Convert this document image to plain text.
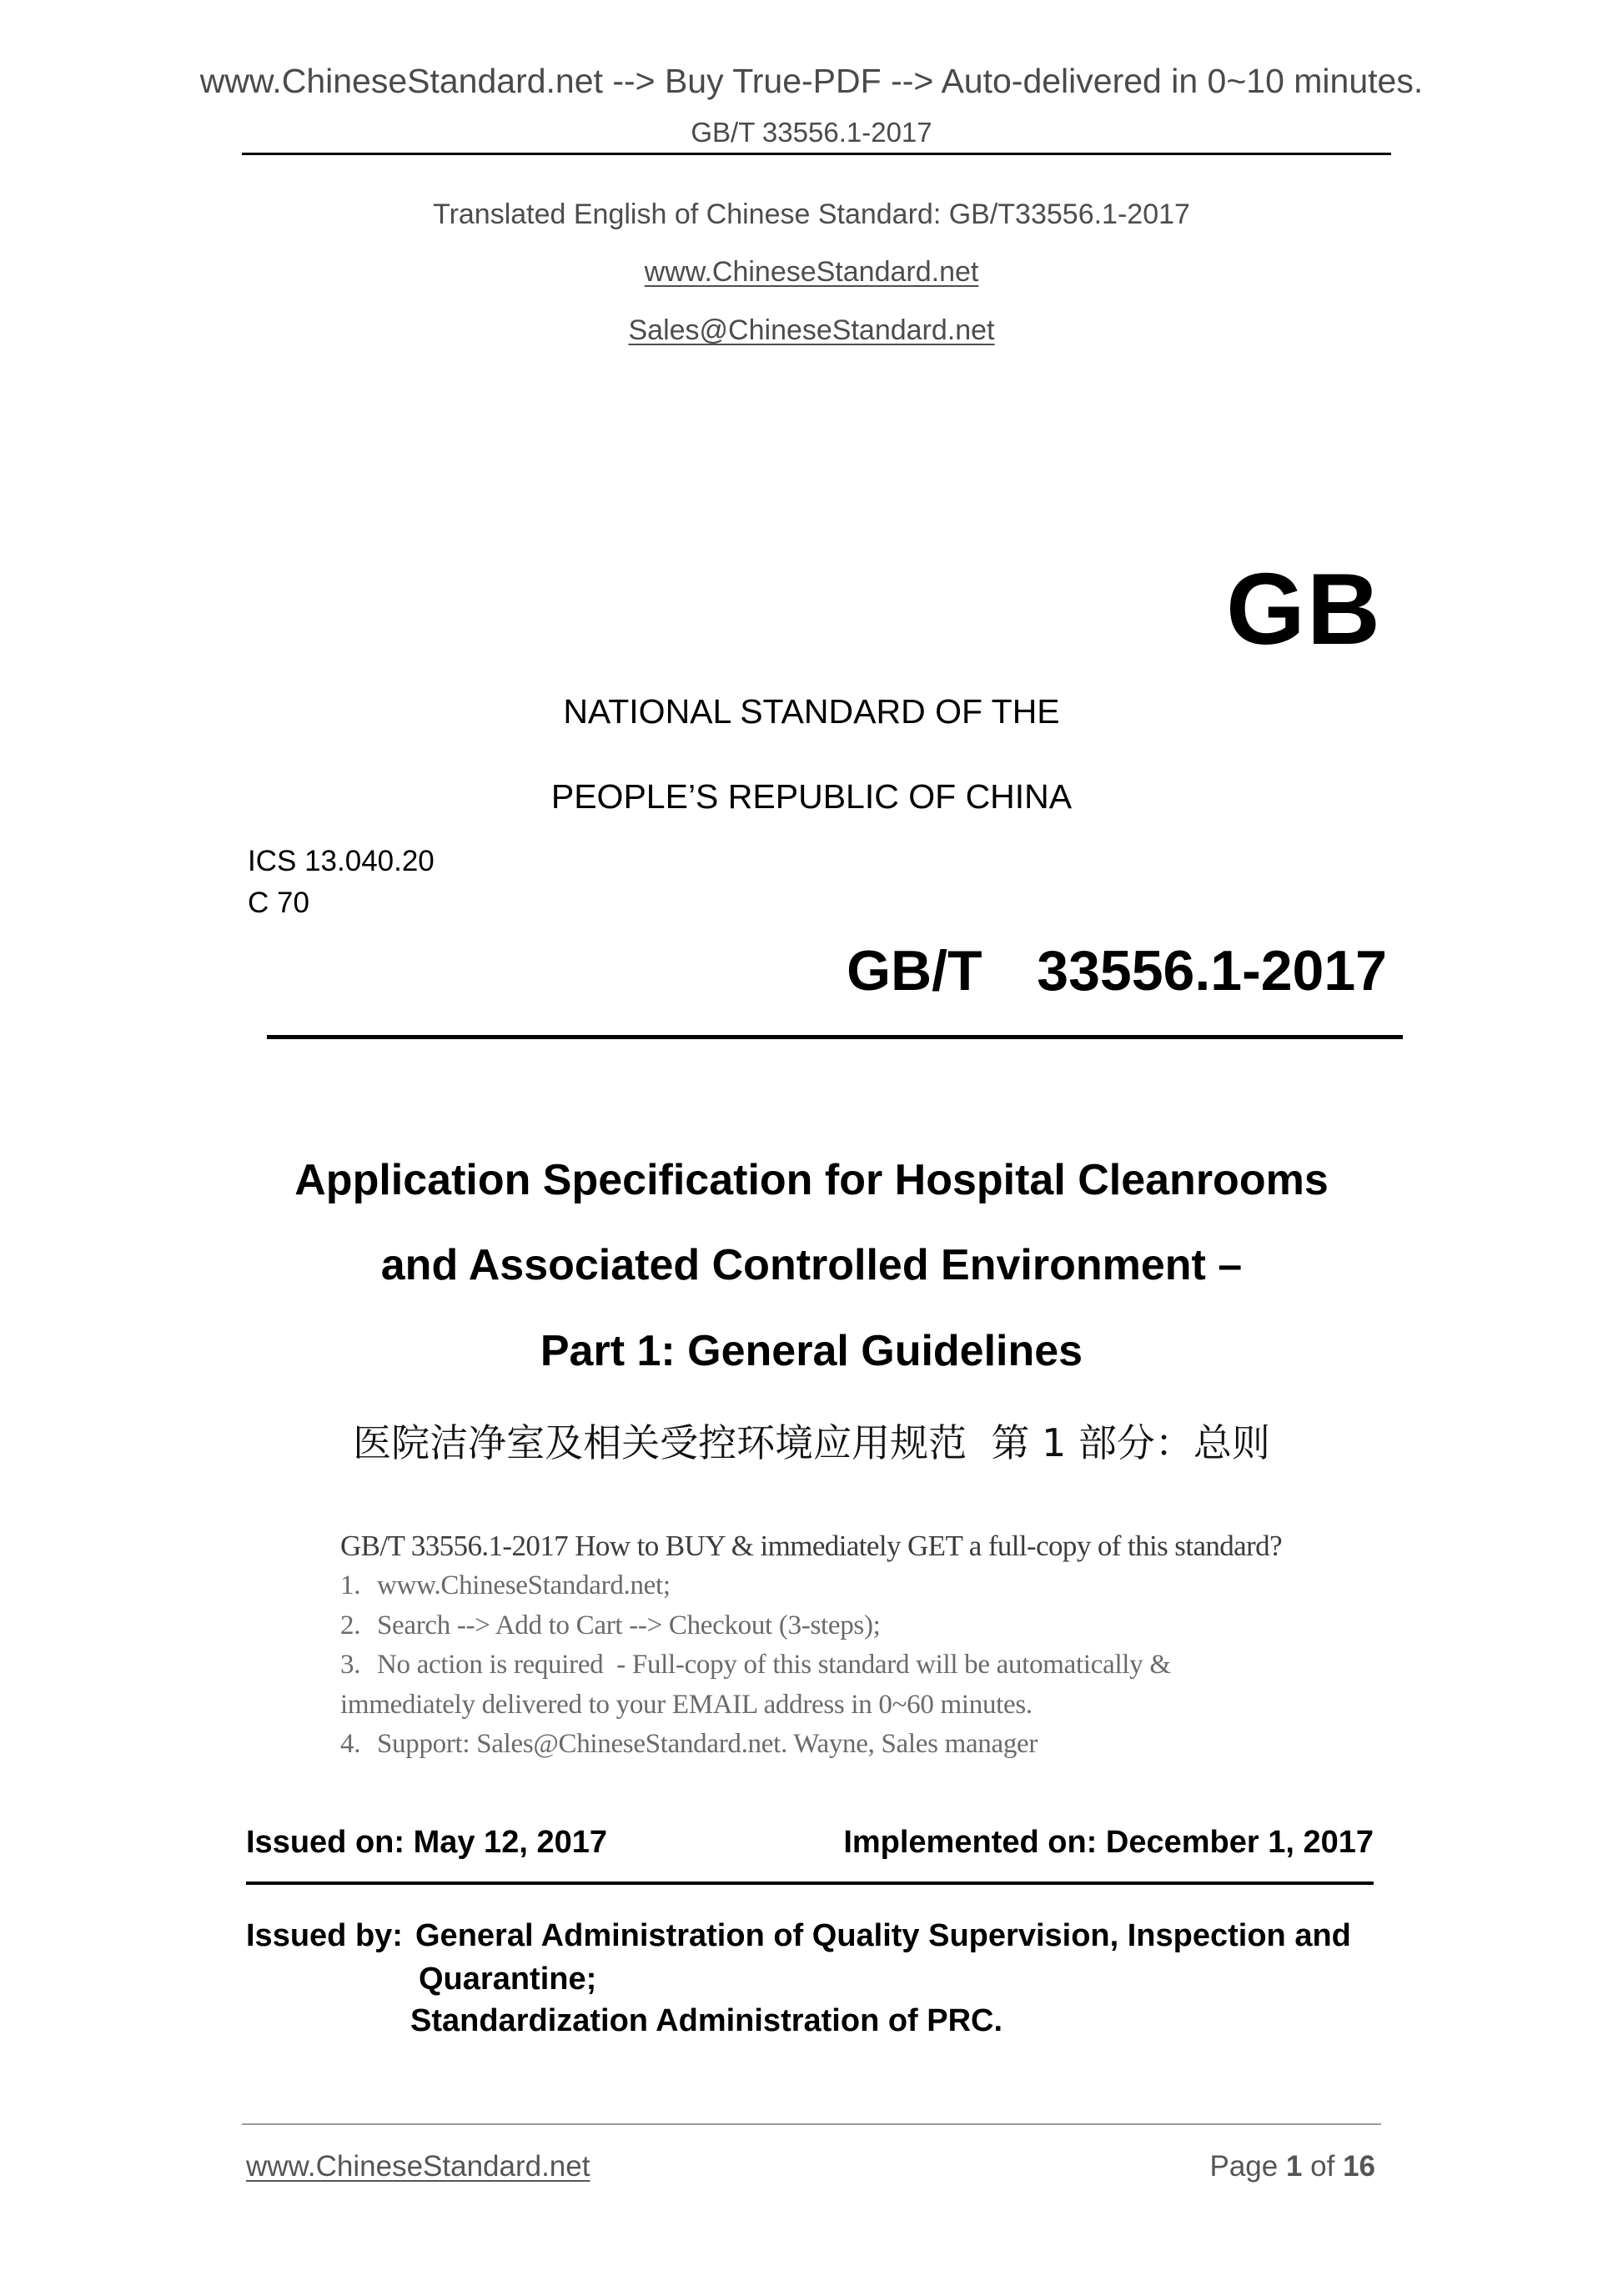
www.ChineseStandard.net --> Buy True-PDF --> Auto-delivered in 0~10 minutes.
GB/T 33556.1-2017
Translated English of Chinese Standard: GB/T33556.1-2017
www.ChineseStandard.net
Sales@ChineseStandard.net
GB
NATIONAL STANDARD OF THE
PEOPLE’S REPUBLIC OF CHINA
ICS 13.040.20
C 70
GB/T  33556.1-2017
Application Specification for Hospital Cleanrooms
and Associated Controlled Environment –
Part 1: General Guidelines
医院洁净室及相关受控环境应用规范  第 1 部分：总则
GB/T 33556.1-2017 How to BUY & immediately GET a full-copy of this standard?
1. www.ChineseStandard.net;
2. Search --> Add to Cart --> Checkout (3-steps);
3. No action is required  - Full-copy of this standard will be automatically &
immediately delivered to your EMAIL address in 0~60 minutes.
4. Support: Sales@ChineseStandard.net. Wayne, Sales manager
Issued on: May 12, 2017	Implemented on: December 1, 2017
Issued by: General Administration of Quality Supervision, Inspection and
Quarantine;
Standardization Administration of PRC.
www.ChineseStandard.net	Page 1 of 16
